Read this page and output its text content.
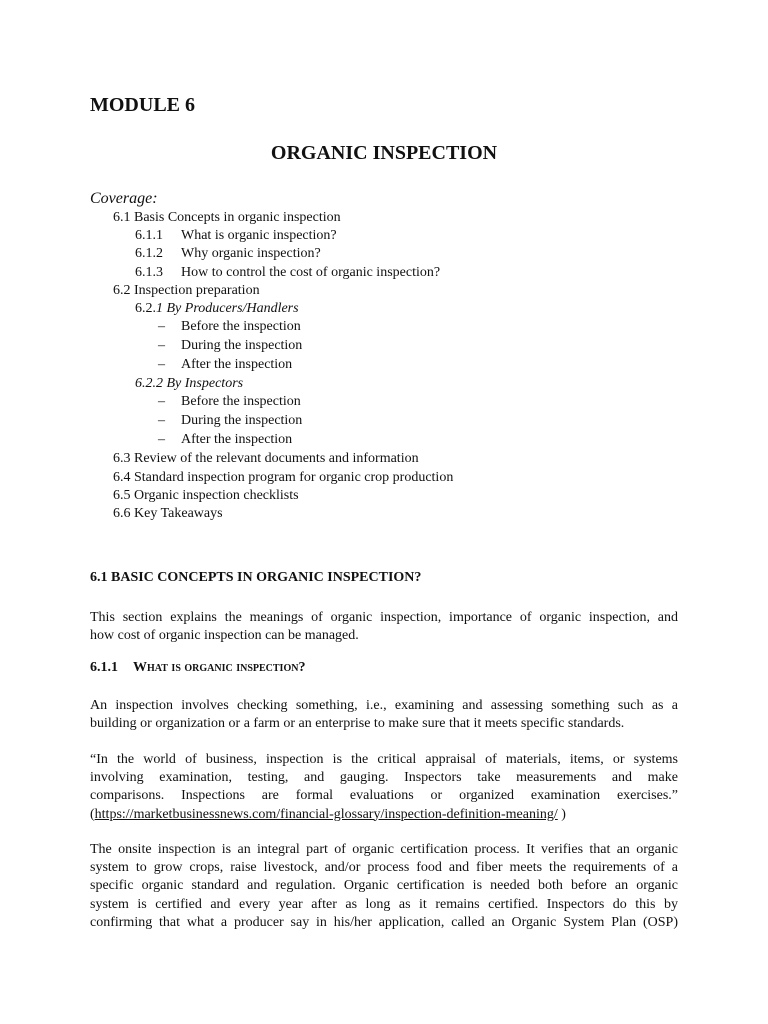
MODULE 6
ORGANIC INSPECTION
Coverage:
6.1 Basis Concepts in organic inspection
6.1.1 What is organic inspection?
6.1.2 Why organic inspection?
6.1.3 How to control the cost of organic inspection?
6.2 Inspection preparation
6.2.1 By Producers/Handlers
– Before the inspection
– During the inspection
– After the inspection
6.2.2 By Inspectors
– Before the inspection
– During the inspection
– After the inspection
6.3 Review of the relevant documents and information
6.4 Standard inspection program for organic crop production
6.5 Organic inspection checklists
6.6 Key Takeaways
6.1 BASIC CONCEPTS IN ORGANIC INSPECTION?
This section explains the meanings of organic inspection, importance of organic inspection, and
how cost of organic inspection can be managed.
6.1.1 What is organic inspection?
An inspection involves checking something, i.e., examining and assessing something such as a
building or organization or a farm or an enterprise to make sure that it meets specific standards.
“In the world of business, inspection is the critical appraisal of materials, items, or systems
involving examination, testing, and gauging. Inspectors take measurements and make
comparisons. Inspections are formal evaluations or organized examination exercises.”
(https://marketbusinessnews.com/financial-glossary/inspection-definition-meaning/ )
The onsite inspection is an integral part of organic certification process. It verifies that an organic
system to grow crops, raise livestock, and/or process food and fiber meets the requirements of a
specific organic standard and regulation. Organic certification is needed both before an organic
system is certified and every year after as long as it remains certified. Inspectors do this by
confirming that what a producer say in his/her application, called an Organic System Plan (OSP)
